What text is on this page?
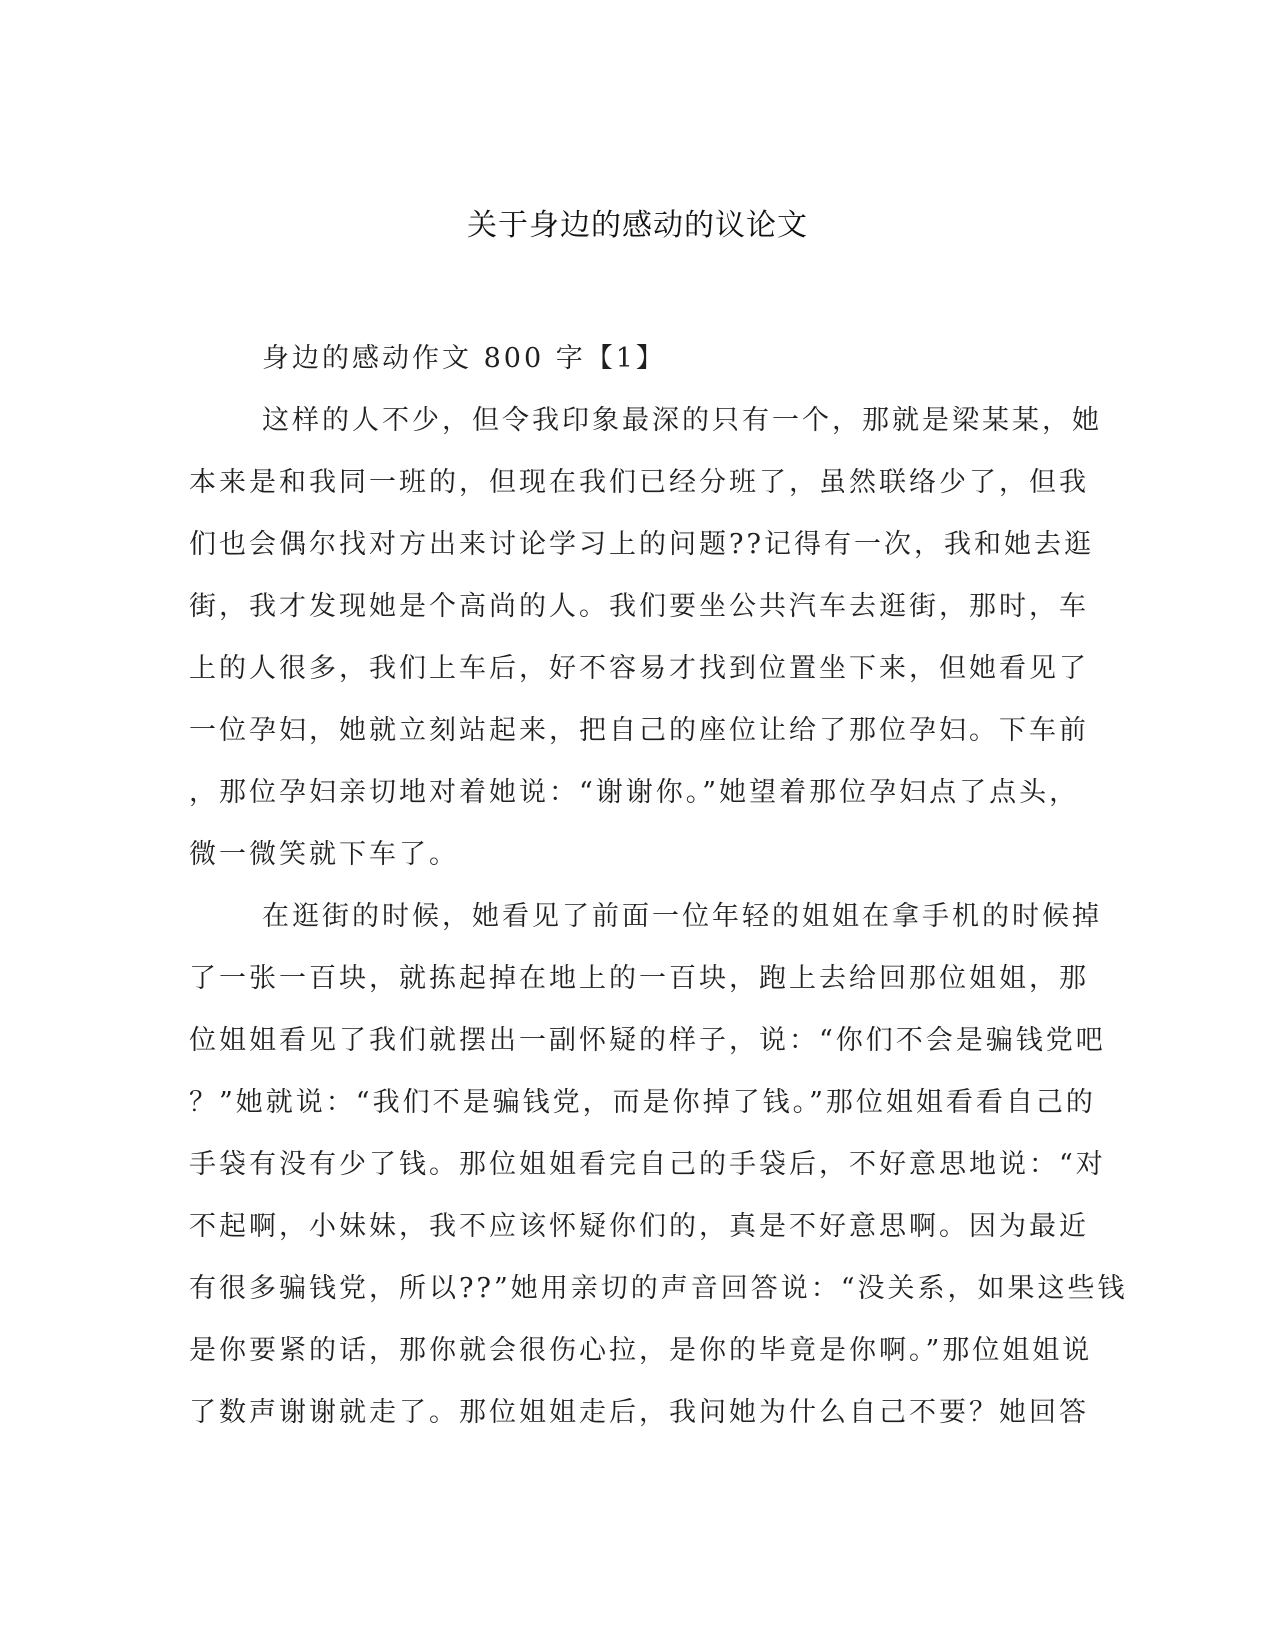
关于身边的感动的议论文
身边的感动作文 800 字【1】
这样的人不少，但令我印象最深的只有一个，那就是梁某某，她
本来是和我同一班的，但现在我们已经分班了，虽然联络少了，但我
们也会偶尔找对方出来讨论学习上的问题??记得有一次，我和她去逛
街，我才发现她是个高尚的人。我们要坐公共汽车去逛街，那时，车
上的人很多，我们上车后，好不容易才找到位置坐下来，但她看见了
一位孕妇，她就立刻站起来，把自己的座位让给了那位孕妇。下车前
，那位孕妇亲切地对着她说：“谢谢你。”她望着那位孕妇点了点头，
微一微笑就下车了。
在逛街的时候，她看见了前面一位年轻的姐姐在拿手机的时候掉
了一张一百块，就拣起掉在地上的一百块，跑上去给回那位姐姐，那
位姐姐看见了我们就摆出一副怀疑的样子，说：“你们不会是骗钱党吧
？”她就说：“我们不是骗钱党，而是你掉了钱。”那位姐姐看看自己的
手袋有没有少了钱。那位姐姐看完自己的手袋后，不好意思地说：“对
不起啊，小妹妹，我不应该怀疑你们的，真是不好意思啊。因为最近
有很多骗钱党，所以??”她用亲切的声音回答说：“没关系，如果这些钱
是你要紧的话，那你就会很伤心拉，是你的毕竟是你啊。”那位姐姐说
了数声谢谢就走了。那位姐姐走后，我问她为什么自己不要？她回答
